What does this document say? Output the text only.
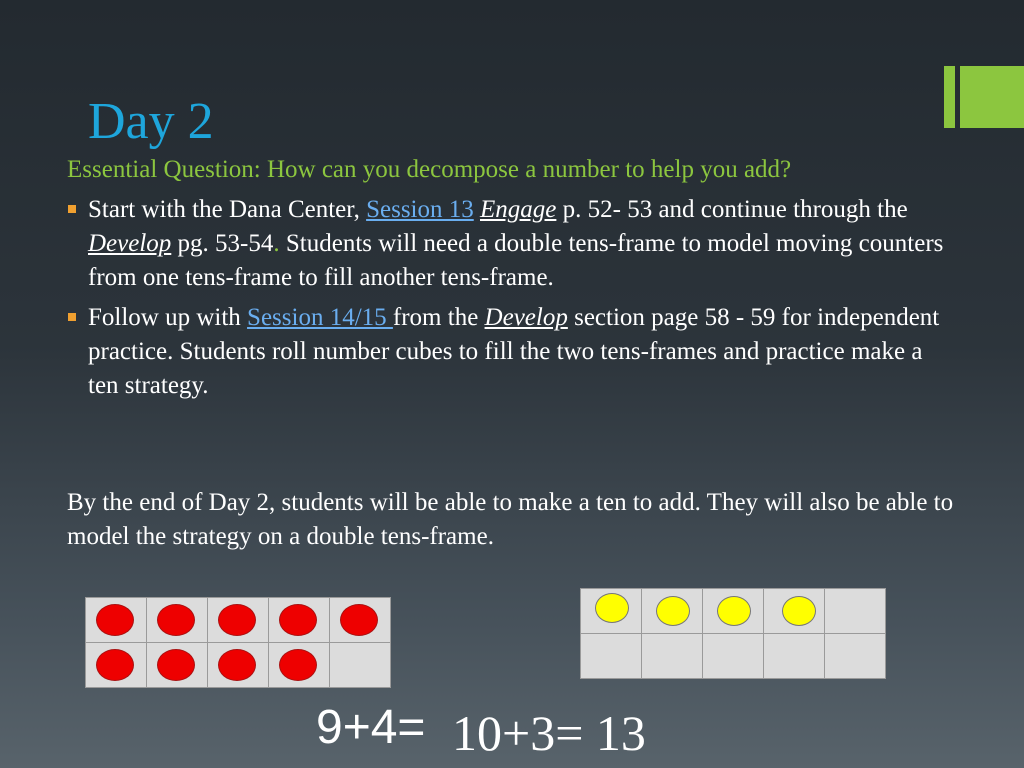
Day 2
Essential Question: How can you decompose a number to help you add?
Start with the Dana Center, Session 13 Engage p. 52- 53 and continue through the Develop pg. 53-54. Students will need a double tens-frame to model moving counters from one tens-frame to fill another tens-frame.
Follow up with Session 14/15 from the Develop section page 58 - 59 for independent practice. Students roll number cubes to fill the two tens-frames and practice make a ten strategy.
By the end of Day 2, students will be able to make a ten to add. They will also be able to model the strategy on a double tens-frame.

9+4= 10+3= 13
